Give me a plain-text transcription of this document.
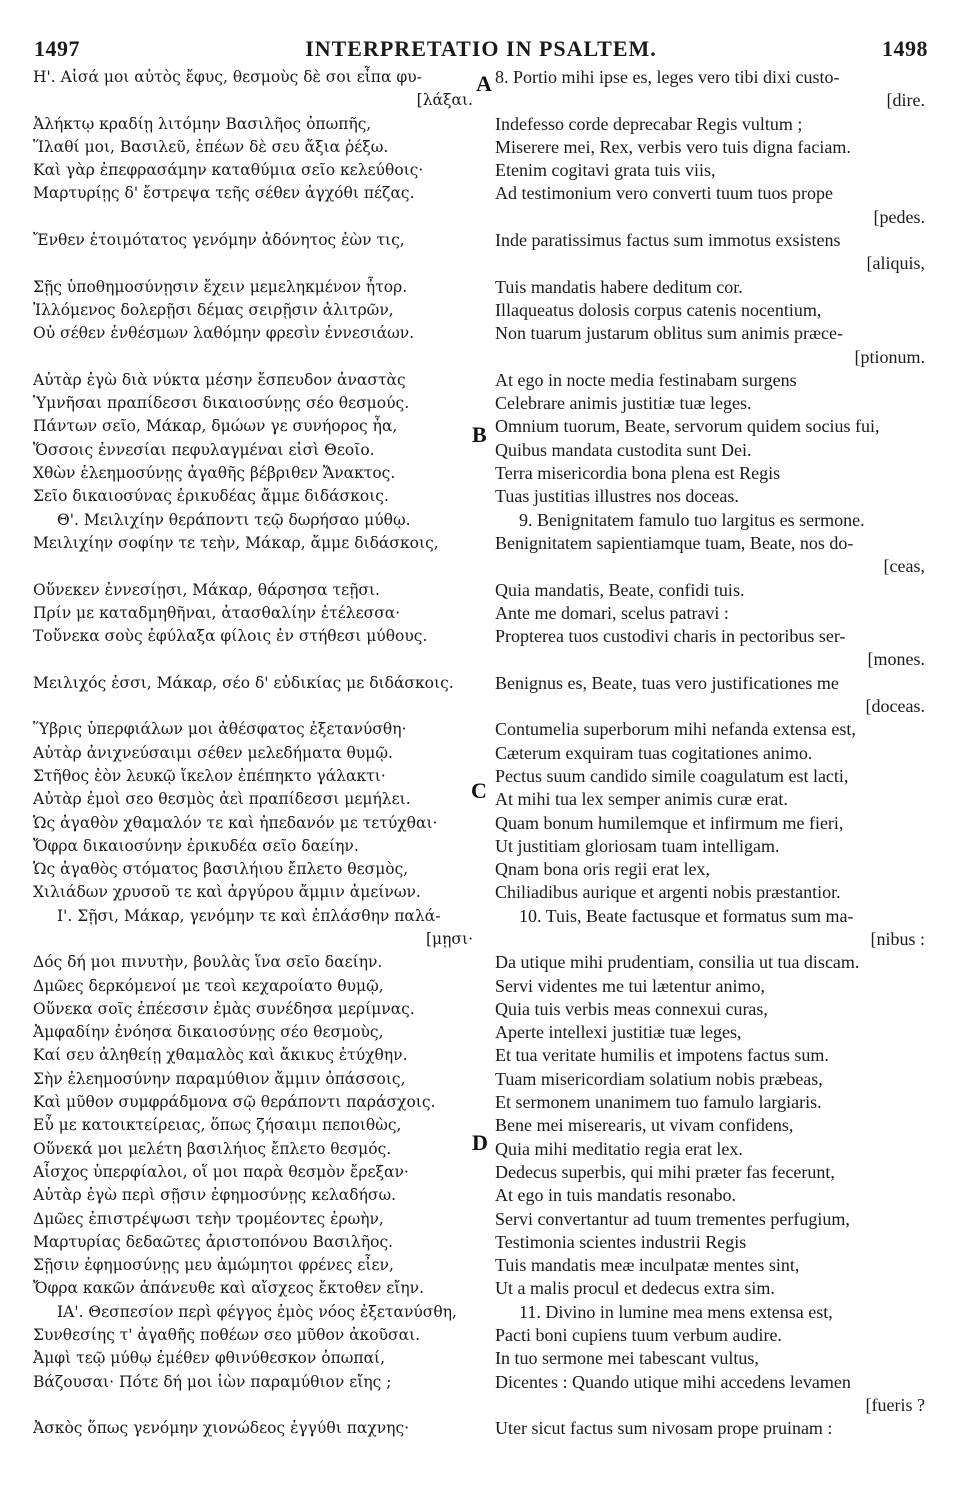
1497	INTERPRETATIO IN PSALTEM.	1498
Η'. Αἰσά μοι αὐτὸς ἔφυς, θεσμοὺς δὲ σοι εἶπα φυ-
[λάξαι.
Ἀλήκτῳ κραδίῃ λιτόμην Βασιλῆος ὀπωπῆς,
Ἵλαθί μοι, Βασιλεῦ, ἐπέων δὲ σευ ἄξια ῥέξω.
Καὶ γὰρ ἐπεφρασάμην καταθύμια σεῖο κελεύθοις·
Μαρτυρίῃς δ' ἔστρεψα τεῆς σέθεν ἀγχόθι πέζας.
Ἔνθεν ἑτοιμότατος γενόμην ἀδόνητος ἐὼν τις,
Σῇς ὑποθημοσύνῃσιν ἔχειν μεμεληκμένον ἦτορ.
Ἰλλόμενος δολερῇσι δέμας σειρῇσιν ἀλιτρῶν,
Οὐ σέθεν ἐνθέσμων λαθόμην φρεσὶν ἐννεσιάων.
Αὐτὰρ ἐγὼ διὰ νύκτα μέσην ἔσπευδον ἀναστὰς
Ὑμνῆσαι πραπίδεσσι δικαιοσύνῃς σέο θεσμούς.
Πάντων σεῖο, Μάκαρ, δμώων γε συνήορος ἦα,
Ὅσσοις ἐννεσίαι πεφυλαγμέναι εἰσὶ Θεοῖο.
Χθὼν ἐλεημοσύνῃς ἀγαθῆς βέβριθεν Ἄνακτος.
Σεῖο δικαιοσύνας ἐρικυδέας ἄμμε διδάσκοις.
Θ'. Μειλιχίην θεράποντι τεῷ δωρήσαο μύθῳ.
Μειλιχίην σοφίην τε τεὴν, Μάκαρ, ἄμμε διδάσκοις,
Οὕνεκεν ἐννεσίῃσι, Μάκαρ, θάρσησα τεῇσι.
Πρίν με καταδμηθῆναι, ἀτασθαλίην ἐτέλεσσα·
Τοὔνεκα σοὺς ἐφύλαξα φίλοις ἐν στήθεσι μύθους.
Μειλιχός ἐσσι, Μάκαρ, σέο δ' εὐδικίας με διδάσκοις.
Ὕβρις ὑπερφιάλων μοι ἀθέσφατος ἐξετανύσθη·
Αὐτὰρ ἀνιχνεύσαιμι σέθεν μελεδήματα θυμῷ.
Στῆθος ἑὸν λευκῷ ἴκελον ἐπέπηκτο γάλακτι·
Αὐτὰρ ἐμοὶ σεο θεσμὸς ἀεὶ πραπίδεσσι μεμήλει.
Ὡς ἀγαθὸν χθαμαλόν τε καὶ ἠπεδανόν με τετύχθαι·
Ὄφρα δικαιοσύνην ἐρικυδέα σεῖο δαείην.
Ὡς ἀγαθὸς στόματος βασιλήιου ἔπλετο θεσμὸς,
Χιλιάδων χρυσοῦ τε καὶ ἀργύρου ἄμμιν ἀμείνων.
Ι'. Σῇσι, Μάκαρ, γενόμην τε καὶ ἐπλάσθην παλά-
[μῃσι·
Δός δή μοι πινυτὴν, βουλὰς ἵνα σεῖο δαείην.
Δμῶες δερκόμενοί με τεοὶ κεχαροίατο θυμῷ,
Οὕνεκα σοῖς ἐπέεσσιν ἐμὰς συνέδησα μερίμνας.
Ἀμφαδίην ἐνόησα δικαιοσύνῃς σέο θεσμοὺς,
Καί σευ ἀληθείῃ χθαμαλὸς καὶ ἄκικυς ἐτύχθην.
Σὴν ἐλεημοσύνην παραμύθιον ἄμμιν ὀπάσσοις,
Καὶ μῦθον συμφράδμονα σῷ θεράποντι παράσχοις.
Εὖ με κατοικτείρειας, ὅπως ζήσαιμι πεποιθὼς,
Οὕνεκά μοι μελέτη βασιλήιος ἔπλετο θεσμός.
Αἶσχος ὑπερφίαλοι, οἵ μοι παρὰ θεσμὸν ἔρεξαν·
Αὐτὰρ ἐγὼ περὶ σῇσιν ἐφημοσύνῃς κελαδήσω.
Δμῶες ἐπιστρέψωσι τεὴν τρομέοντες ἐρωὴν,
Μαρτυρίας δεδαῶτες ἀριστοπόνου Βασιλῆος.
Σῇσιν ἐφημοσύνῃς μευ ἀμώμητοι φρένες εἶεν,
Ὄφρα κακῶν ἀπάνευθε καὶ αἴσχεος ἔκτοθεν εἴην.
ΙΑ'. Θεσπεσίον περὶ φέγγος ἐμὸς νόος ἐξετανύσθη,
Συνθεσίης τ' ἀγαθῆς ποθέων σεο μῦθον ἀκοῦσαι.
Ἀμφὶ τεῷ μύθῳ ἐμέθεν φθινύθεσκον ὀπωπαί,
Βάζουσαι· Πότε δή μοι ἰὼν παραμύθιον εἴης ;
Ἀσκὸς ὅπως γενόμην χιονώδεος ἐγγύθι παχνης·
8. Portio mihi ipse es, leges vero tibi dixi custo-
[dire.
Indefesso corde deprecabar Regis vultum ;
Miserere mei, Rex, verbis vero tuis digna faciam.
Etenim cogitavi grata tuis viis,
Ad testimonium vero converti tuum tuos prope
[pedes.
Inde paratissimus factus sum immotus exsistens
[aliquis,
Tuis mandatis habere deditum cor.
Illaqueatus dolosis corpus catenis nocentium,
Non tuarum justarum oblitus sum animis præce-
[ptionum.
At ego in nocte media festinabam surgens
Celebrare animis justitiæ tuæ leges.
Omnium tuorum, Beate, servorum quidem socius fui,
Quibus mandata custodita sunt Dei.
Terra misericordia bona plena est Regis
Tuas justitias illustres nos doceas.
9. Benignitatem famulo tuo largitus es sermone.
Benignitatem sapientiamque tuam, Beate, nos do-
[ceas,
Quia mandatis, Beate, confidi tuis.
Ante me domari, scelus patravi :
Propterea tuos custodivi charis in pectoribus ser-
[mones.
Benignus es, Beate, tuas vero justificationes me
[doceas.
Contumelia superborum mihi nefanda extensa est,
Cæterum exquiram tuas cogitationes animo.
Pectus suum candido simile coagulatum est lacti,
At mihi tua lex semper animis curæ erat.
Quam bonum humilemque et infirmum me fieri,
Ut justitiam gloriosam tuam intelligam.
Qnam bona oris regii erat lex,
Chiliadibus aurique et argenti nobis præstantior.
10. Tuis, Beate factusque et formatus sum ma-
[nibus :
Da utique mihi prudentiam, consilia ut tua discam.
Servi videntes me tui lætentur animo,
Quia tuis verbis meas connexui curas,
Aperte intellexi justitiæ tuæ leges,
Et tua veritate humilis et impotens factus sum.
Tuam misericordiam solatium nobis præbeas,
Et sermonem unanimem tuo famulo largiaris.
Bene mei miserearis, ut vivam confidens,
Quia mihi meditatio regia erat lex.
Dedecus superbis, qui mihi præter fas fecerunt,
At ego in tuis mandatis resonabo.
Servi convertantur ad tuum trementes perfugium,
Testimonia scientes industrii Regis
Tuis mandatis meæ inculpatæ mentes sint,
Ut a malis procul et dedecus extra sim.
11. Divino in lumine mea mens extensa est,
Pacti boni cupiens tuum verbum audire.
In tuo sermone mei tabescant vultus,
Dicentes : Quando utique mihi accedens levamen
[fueris ?
Uter sicut factus sum nivosam prope pruinam :
A
B
C
D
